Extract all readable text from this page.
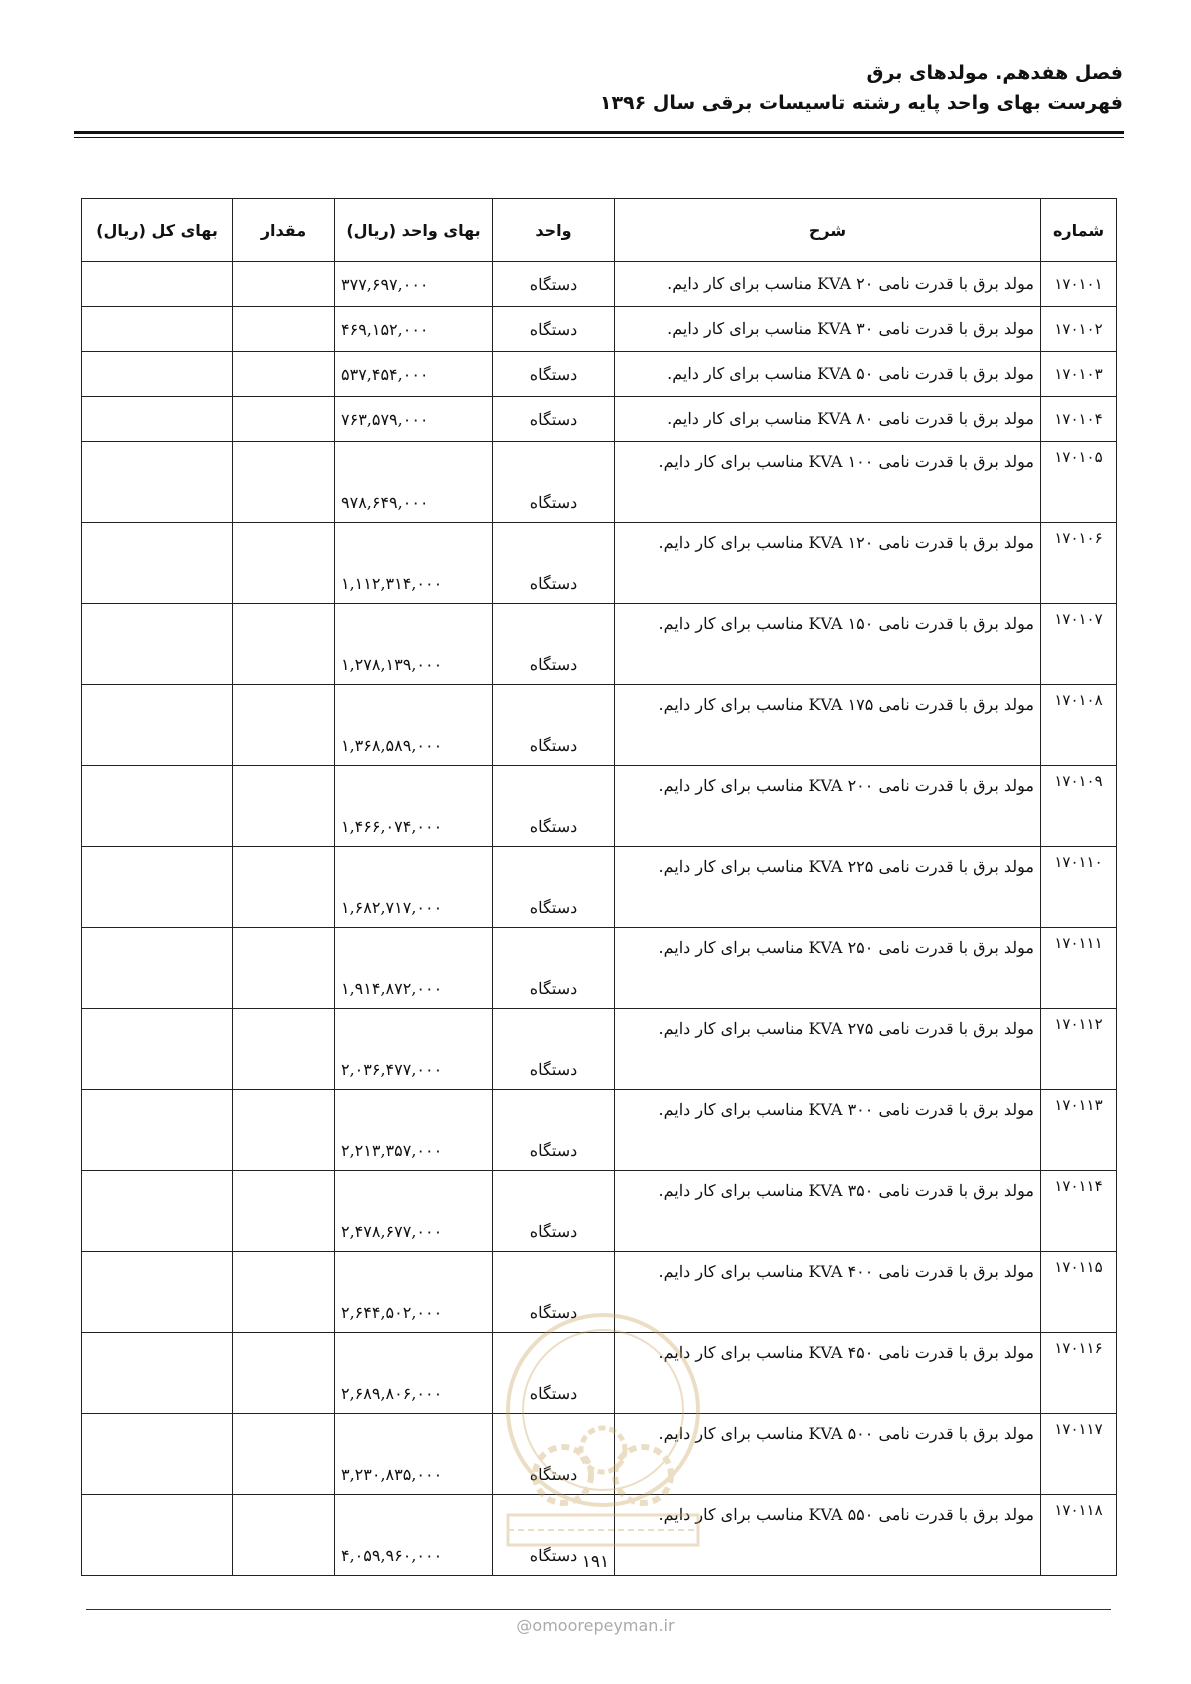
فصل هفدهم. مولدهای برق
فهرست بهای واحد پایه رشته تاسیسات برقی سال ۱۳۹۶
شماره	شرح	واحد	بهای واحد (ریال)	مقدار	بهای کل (ریال)
۱۷۰۱۰۱	مولد برق با قدرت نامی ۲۰ KVA مناسب برای کار دایم.	دستگاه	۳۷۷,۶۹۷,۰۰۰		
۱۷۰۱۰۲	مولد برق با قدرت نامی ۳۰ KVA مناسب برای کار دایم.	دستگاه	۴۶۹,۱۵۲,۰۰۰		
۱۷۰۱۰۳	مولد برق با قدرت نامی ۵۰ KVA مناسب برای کار دایم.	دستگاه	۵۳۷,۴۵۴,۰۰۰		
۱۷۰۱۰۴	مولد برق با قدرت نامی ۸۰ KVA مناسب برای کار دایم.	دستگاه	۷۶۳,۵۷۹,۰۰۰		
۱۷۰۱۰۵	مولد برق با قدرت نامی ۱۰۰ KVA مناسب برای کار دایم.	دستگاه	۹۷۸,۶۴۹,۰۰۰		
۱۷۰۱۰۶	مولد برق با قدرت نامی ۱۲۰ KVA مناسب برای کار دایم.	دستگاه	۱,۱۱۲,۳۱۴,۰۰۰		
۱۷۰۱۰۷	مولد برق با قدرت نامی ۱۵۰ KVA مناسب برای کار دایم.	دستگاه	۱,۲۷۸,۱۳۹,۰۰۰		
۱۷۰۱۰۸	مولد برق با قدرت نامی ۱۷۵ KVA مناسب برای کار دایم.	دستگاه	۱,۳۶۸,۵۸۹,۰۰۰		
۱۷۰۱۰۹	مولد برق با قدرت نامی ۲۰۰ KVA مناسب برای کار دایم.	دستگاه	۱,۴۶۶,۰۷۴,۰۰۰		
۱۷۰۱۱۰	مولد برق با قدرت نامی ۲۲۵ KVA مناسب برای کار دایم.	دستگاه	۱,۶۸۲,۷۱۷,۰۰۰		
۱۷۰۱۱۱	مولد برق با قدرت نامی ۲۵۰ KVA مناسب برای کار دایم.	دستگاه	۱,۹۱۴,۸۷۲,۰۰۰		
۱۷۰۱۱۲	مولد برق با قدرت نامی ۲۷۵ KVA مناسب برای کار دایم.	دستگاه	۲,۰۳۶,۴۷۷,۰۰۰		
۱۷۰۱۱۳	مولد برق با قدرت نامی ۳۰۰ KVA مناسب برای کار دایم.	دستگاه	۲,۲۱۳,۳۵۷,۰۰۰		
۱۷۰۱۱۴	مولد برق با قدرت نامی ۳۵۰ KVA مناسب برای کار دایم.	دستگاه	۲,۴۷۸,۶۷۷,۰۰۰		
۱۷۰۱۱۵	مولد برق با قدرت نامی ۴۰۰ KVA مناسب برای کار دایم.	دستگاه	۲,۶۴۴,۵۰۲,۰۰۰		
۱۷۰۱۱۶	مولد برق با قدرت نامی ۴۵۰ KVA مناسب برای کار دایم.	دستگاه	۲,۶۸۹,۸۰۶,۰۰۰		
۱۷۰۱۱۷	مولد برق با قدرت نامی ۵۰۰ KVA مناسب برای کار دایم.	دستگاه	۳,۲۳۰,۸۳۵,۰۰۰		
۱۷۰۱۱۸	مولد برق با قدرت نامی ۵۵۰ KVA مناسب برای کار دایم.	دستگاه	۴,۰۵۹,۹۶۰,۰۰۰			۱۹۱
@omoorepeyman.ir
